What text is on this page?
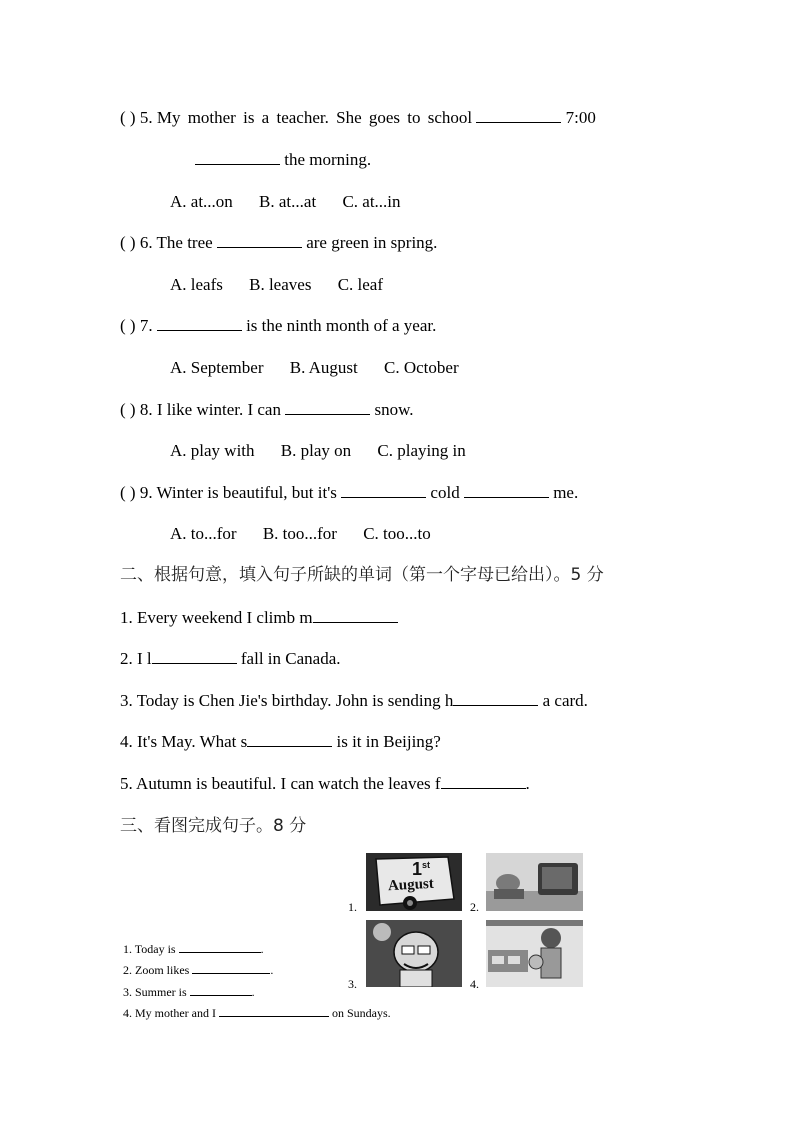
( ) 5. My mother is a teacher. She goes to school	7:00
the morning.
A. at...on B. at...at C. at...in
( ) 6. The tree	are green in spring.
A. leafs B. leaves C. leaf
( ) 7.	is the ninth month of a year.
A. September B. August C. October
( ) 8. I like winter. I can	snow.
A. play with B. play on C. playing in
( ) 9. Winter is beautiful, but it's	cold	me.
A. to...for B. too...for C. too...to
二、根据句意，填入句子所缺的单词（第一个字母已给出）。5 分
1. Every weekend I climb m
2. I l	fall in Canada.
3. Today is Chen Jie's birthday. John is sending h	a card.
4. It's May. What s	is it in Beijing?
5. Autumn is beautiful. I can watch the leaves f	.
三、看图完成句子。8 分
1.
1st
August
2.
3.	4.
1. Today is	.
2. Zoom likes	.
3. Summer is	.
4. My mother and I	on Sundays.
